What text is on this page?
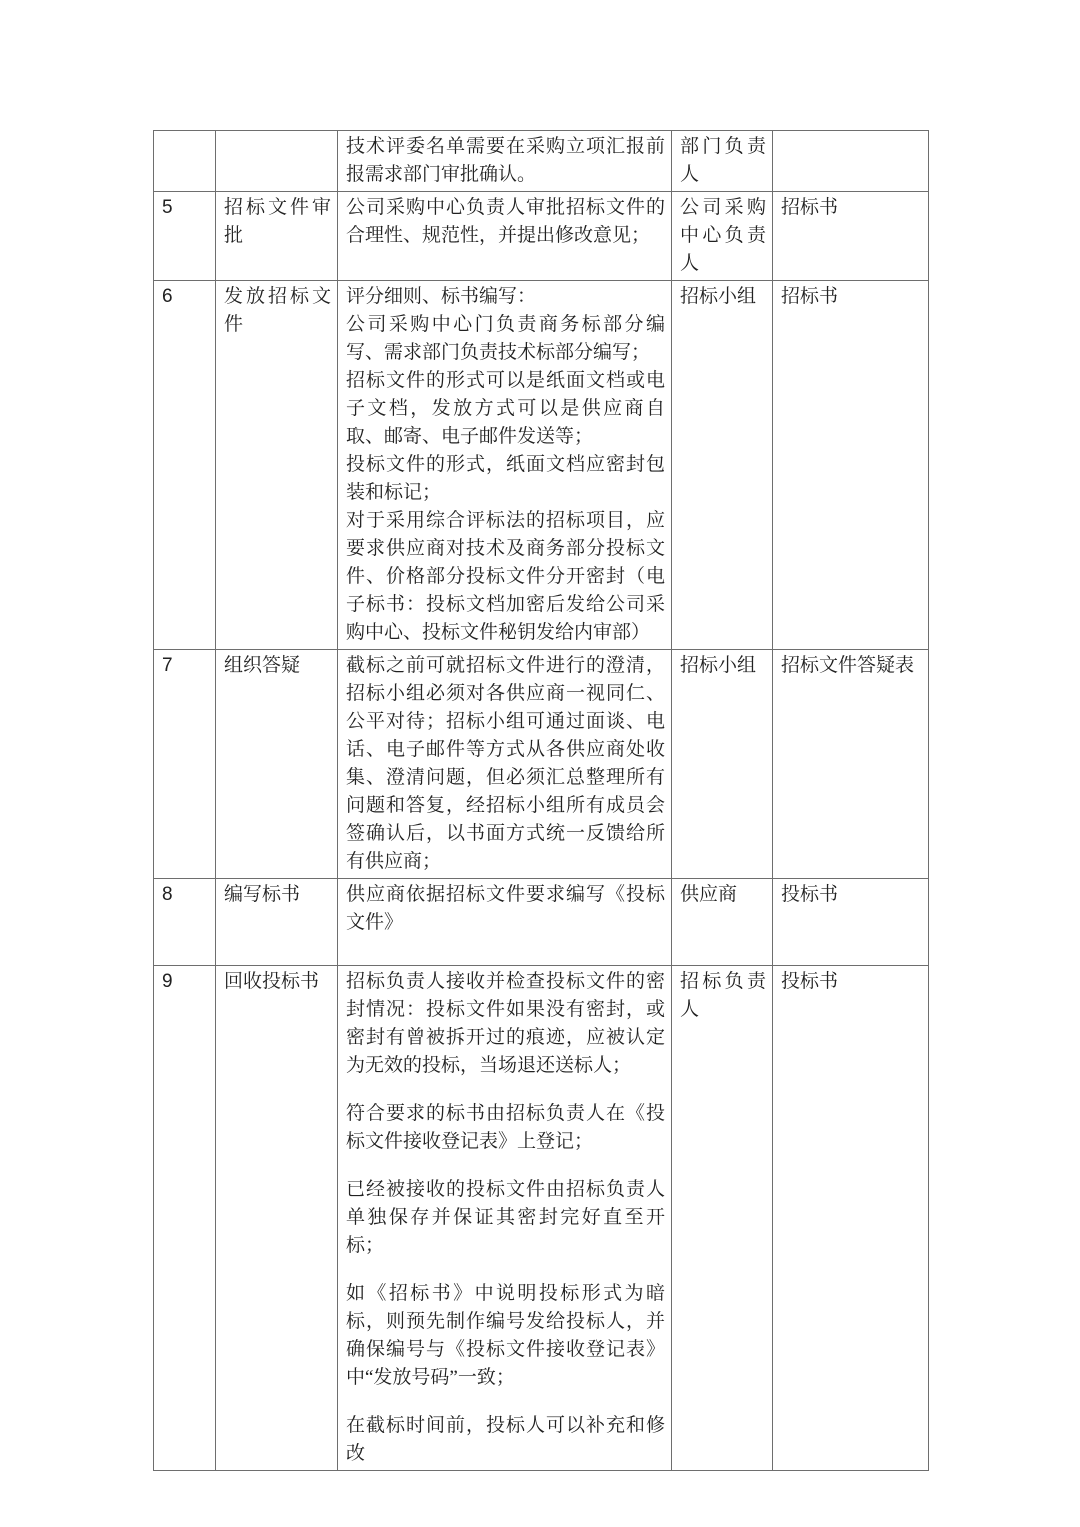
		技术评委名单需要在采购立项汇报前报需求部门审批确认。	部门负责人	
5	招标文件审批	公司采购中心负责人审批招标文件的合理性、规范性，并提出修改意见；	公司采购中心负责人	招标书
6	发放招标文件	评分细则、标书编写：

公司采购中心门负责商务标部分编写、需求部门负责技术标部分编写；

招标文件的形式可以是纸面文档或电子文档，发放方式可以是供应商自取、邮寄、电子邮件发送等；

投标文件的形式，纸面文档应密封包装和标记；

对于采用综合评标法的招标项目，应要求供应商对技术及商务部分投标文件、价格部分投标文件分开密封（电子标书：投标文档加密后发给公司采购中心、投标文件秘钥发给内审部）	招标小组	招标书
7	组织答疑	截标之前可就招标文件进行的澄清，招标小组必须对各供应商一视同仁、公平对待；招标小组可通过面谈、电话、电子邮件等方式从各供应商处收集、澄清问题，但必须汇总整理所有问题和答复，经招标小组所有成员会签确认后，以书面方式统一反馈给所有供应商；	招标小组	招标文件答疑表
8	编写标书	供应商依据招标文件要求编写《投标文件》	供应商	投标书
9	回收投标书	招标负责人接收并检查投标文件的密封情况：投标文件如果没有密封，或密封有曾被拆开过的痕迹，应被认定为无效的投标，当场退还送标人；

符合要求的标书由招标负责人在《投标文件接收登记表》上登记；

已经被接收的投标文件由招标负责人单独保存并保证其密封完好直至开标；

如《招标书》中说明投标形式为暗标，则预先制作编号发给投标人，并确保编号与《投标文件接收登记表》中“发放号码”一致；

在截标时间前，投标人可以补充和修改	招标负责人	投标书
